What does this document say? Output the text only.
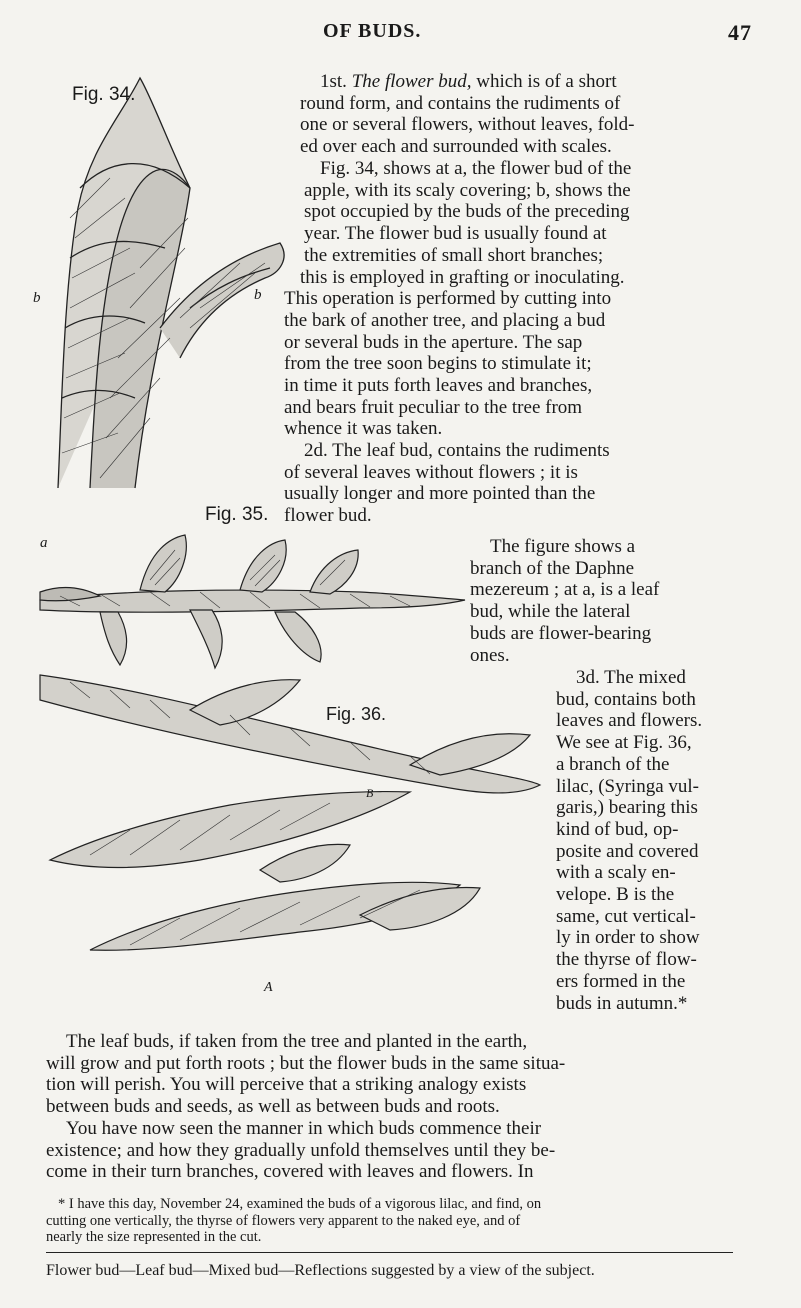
OF BUDS.	47
Fig. 34.
b	b

1st. The flower bud, which is of a short

round form, and contains the rudiments of

one or several flowers, without leaves, fold-

ed over each and surrounded with scales.

Fig. 34, shows at a, the flower bud of the

apple, with its scaly covering; b, shows the

spot occupied by the buds of the preceding

year. The flower bud is usually found at

the extremities of small short branches;

this is employed in grafting or inoculating.

This operation is performed by cutting into

the bark of another tree, and placing a bud

or several buds in the aperture. The sap

from the tree soon begins to stimulate it;

in time it puts forth leaves and branches,

and bears fruit peculiar to the tree from

whence it was taken.

2d. The leaf bud, contains the rudiments

of several leaves without flowers ; it is

usually longer and more pointed than the

flower bud.

Fig. 35.
a	The figure shows a

branch of the Daphne

mezereum ; at a, is a leaf

bud, while the lateral

buds are flower-bearing

ones.

Fig. 36.
B
A

3d. The mixed

bud, contains both

leaves and flowers.

We see at Fig. 36,

a branch of the

lilac, (Syringa vul-

garis,) bearing this

kind of bud, op-

posite and covered

with a scaly en-

velope. B is the

same, cut vertical-

ly in order to show

the thyrse of flow-

ers formed in the

buds in autumn.*

The leaf buds, if taken from the tree and planted in the earth,

will grow and put forth roots ; but the flower buds in the same situa-

tion will perish. You will perceive that a striking analogy exists

between buds and seeds, as well as between buds and roots.

You have now seen the manner in which buds commence their

existence; and how they gradually unfold themselves until they be-

come in their turn branches, covered with leaves and flowers. In

* I have this day, November 24, examined the buds of a vigorous lilac, and find, on

cutting one vertically, the thyrse of flowers very apparent to the naked eye, and of

nearly the size represented in the cut.

Flower bud—Leaf bud—Mixed bud—Reflections suggested by a view of the subject.
